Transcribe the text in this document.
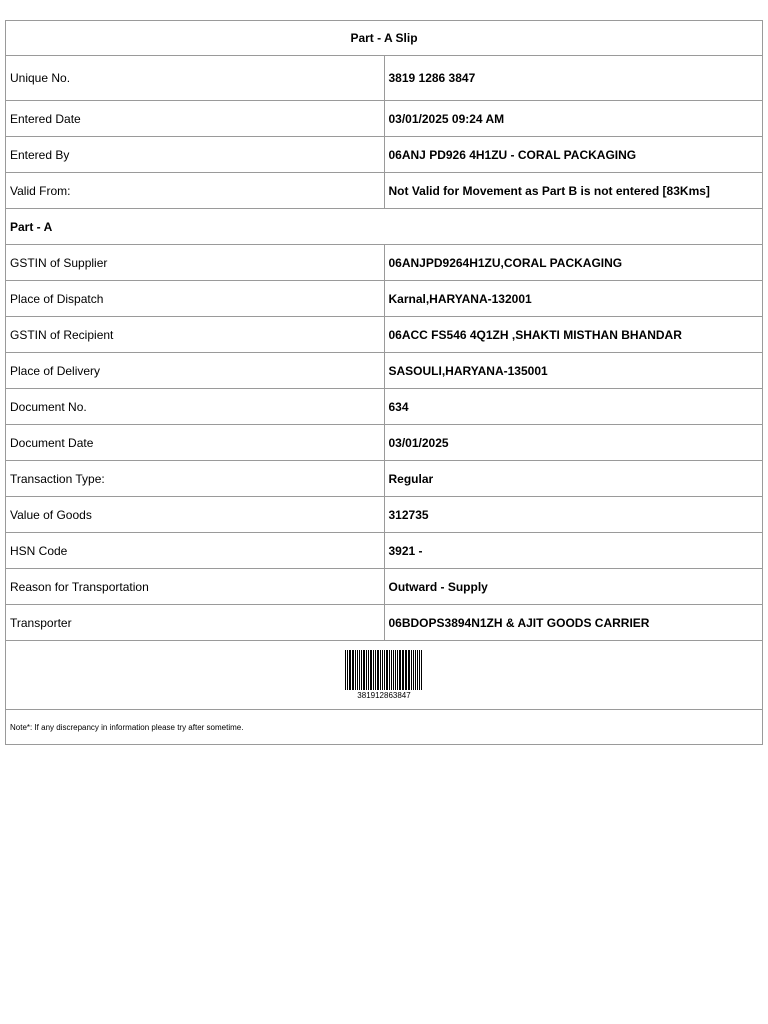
Part - A Slip	
Unique No.	3819 1286 3847
Entered Date	03/01/2025 09:24 AM
Entered By	06ANJ PD926 4H1ZU - CORAL PACKAGING
Valid From:	Not Valid for Movement as Part B is not entered [83Kms]
Part - A	
GSTIN of Supplier	06ANJPD9264H1ZU,CORAL PACKAGING
Place of Dispatch	Karnal,HARYANA-132001
GSTIN of Recipient	06ACC FS546 4Q1ZH ,SHAKTI MISTHAN BHANDAR
Place of Delivery	SASOULI,HARYANA-135001
Document No.	634
Document Date	03/01/2025
Transaction Type:	Regular
Value of Goods	312735
HSN Code	3921 -
Reason for Transportation	Outward - Supply
Transporter	06BDOPS3894N1ZH & AJIT GOODS CARRIER

381912863847	

Note*: If any discrepancy in information please try after sometime.	
